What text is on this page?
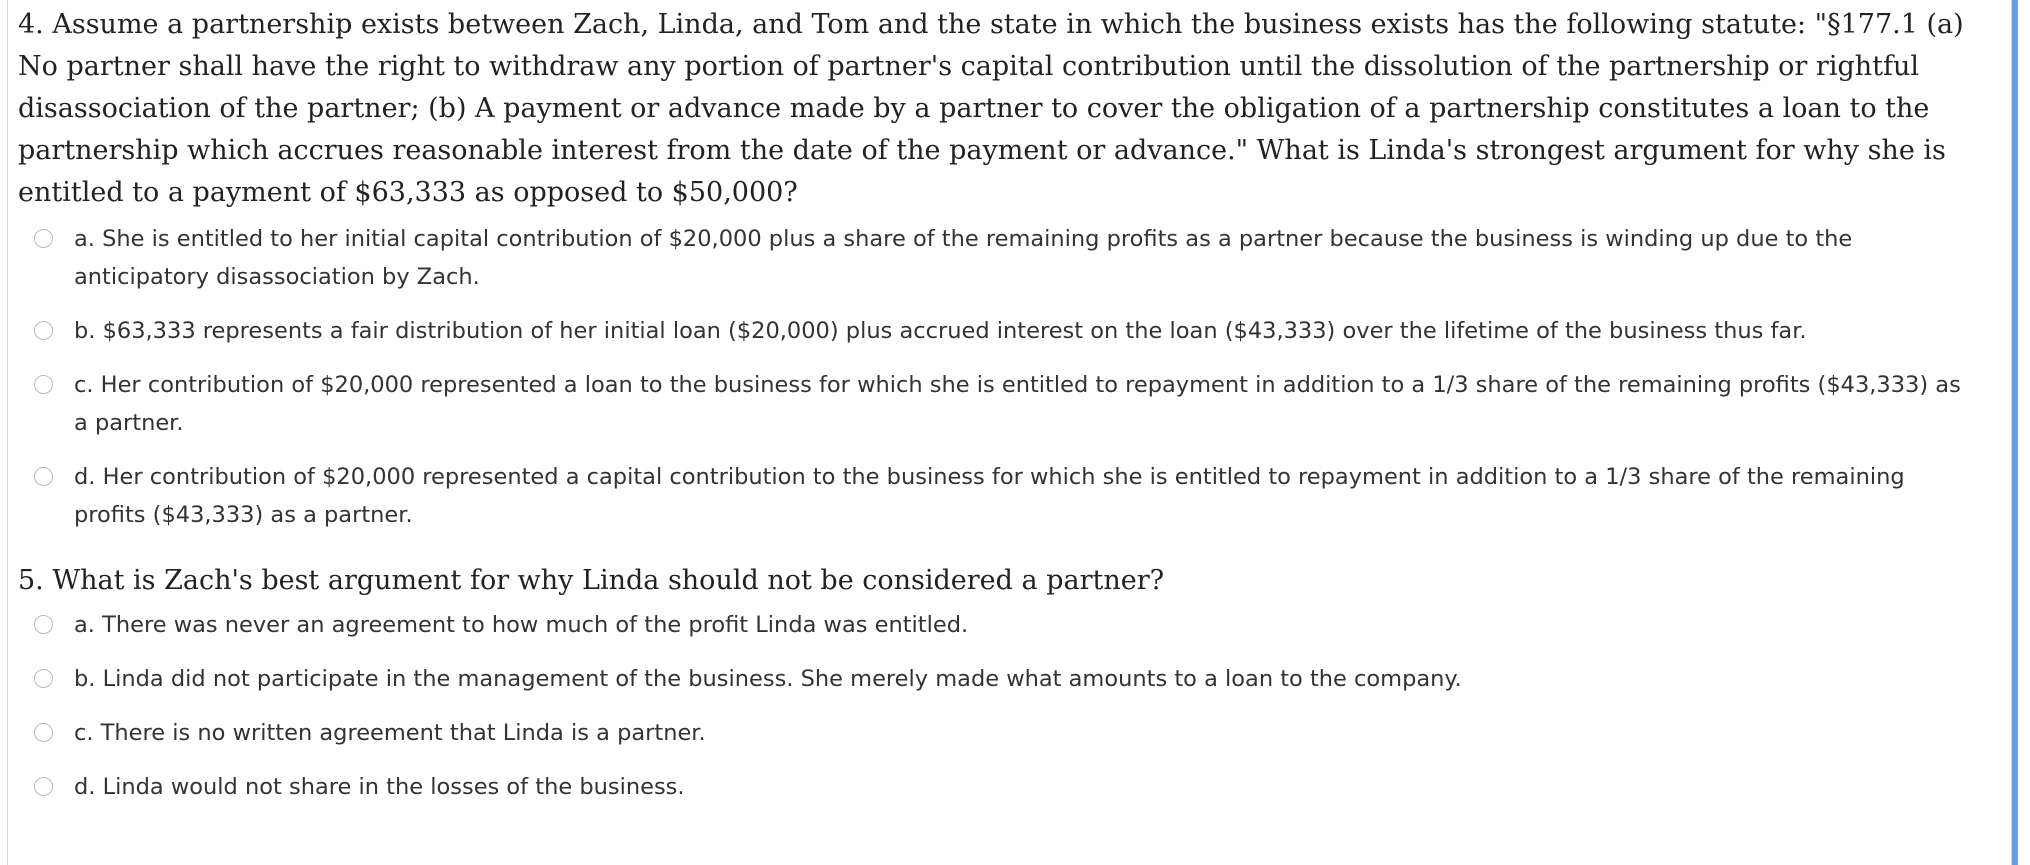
4. Assume a partnership exists between Zach, Linda, and Tom and the state in which the business exists has the following statute: "§177.1 (a) No partner shall have the right to withdraw any portion of partner's capital contribution until the dissolution of the partnership or rightful disassociation of the partner; (b) A payment or advance made by a partner to cover the obligation of a partnership constitutes a loan to the partnership which accrues reasonable interest from the date of the payment or advance." What is Linda's strongest argument for why she is entitled to a payment of $63,333 as opposed to $50,000?

a. She is entitled to her initial capital contribution of $20,000 plus a share of the remaining profits as a partner because the business is winding up due to the anticipatory disassociation by Zach.
b. $63,333 represents a fair distribution of her initial loan ($20,000) plus accrued interest on the loan ($43,333) over the lifetime of the business thus far.
c. Her contribution of $20,000 represented a loan to the business for which she is entitled to repayment in addition to a 1/3 share of the remaining profits ($43,333) as a partner.
d. Her contribution of $20,000 represented a capital contribution to the business for which she is entitled to repayment in addition to a 1/3 share of the remaining profits ($43,333) as a partner.

5. What is Zach's best argument for why Linda should not be considered a partner?

a. There was never an agreement to how much of the profit Linda was entitled.
b. Linda did not participate in the management of the business. She merely made what amounts to a loan to the company.
c. There is no written agreement that Linda is a partner.
d. Linda would not share in the losses of the business.
